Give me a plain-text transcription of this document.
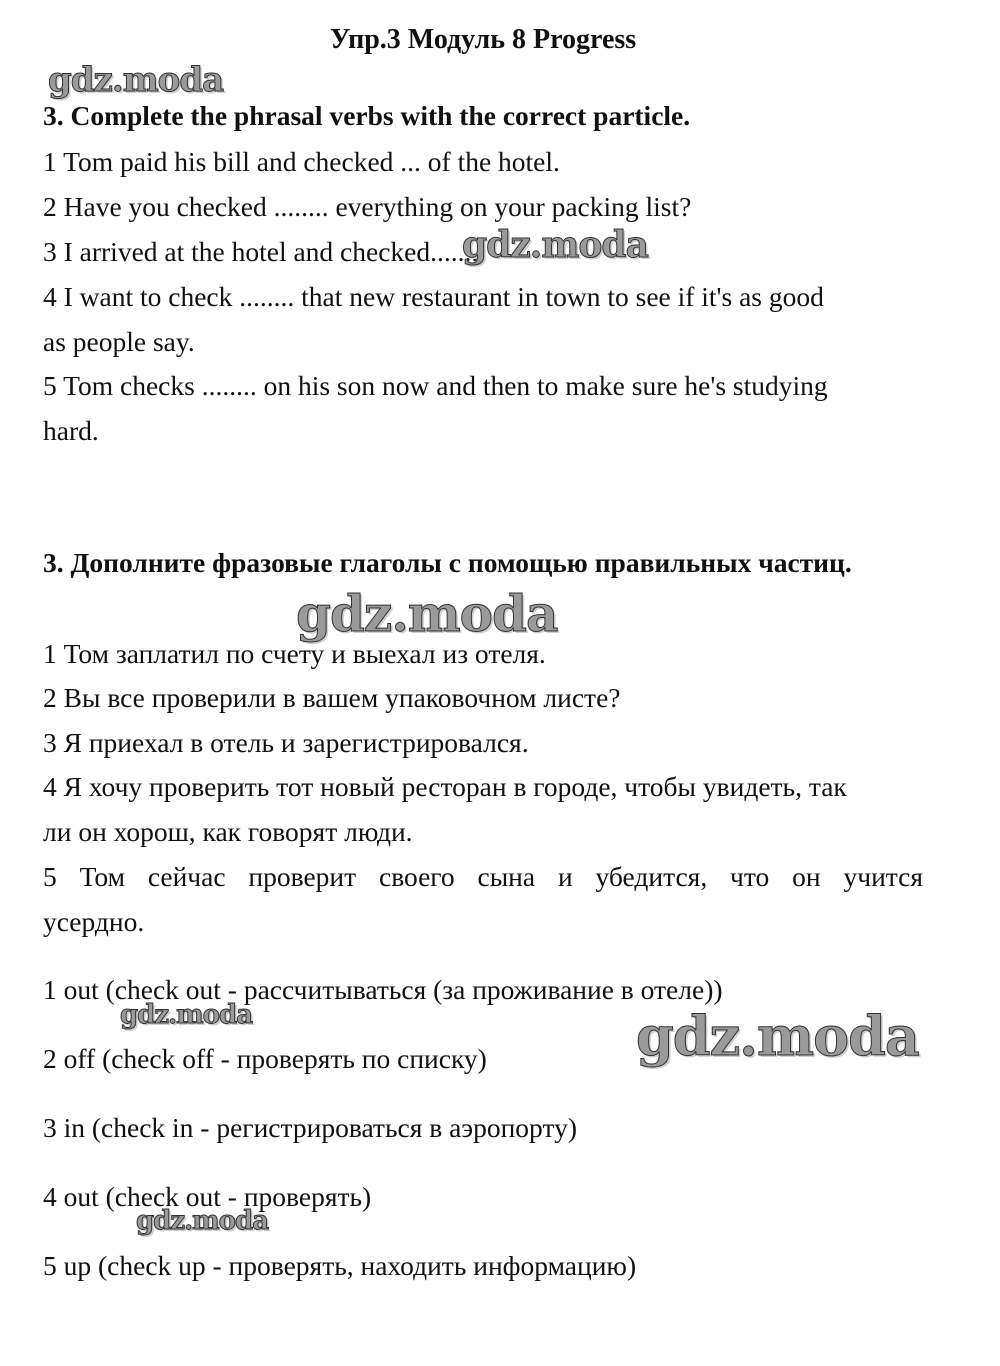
Упр.3 Модуль 8 Progress
3. Complete the phrasal verbs with the correct particle.
1 Tom paid his bill and checked ... of the hotel.
2 Have you checked ........ everything on your packing list?
3 I arrived at the hotel and checked........
4 I want to check ........ that new restaurant in town to see if it's as good
as people say.
5 Tom checks ........ on his son now and then to make sure he's studying
hard.
3. Дополните фразовые глаголы с помощью правильных частиц.
1 Том заплатил по счету и выехал из отеля.
2 Вы все проверили в вашем упаковочном листе?
3 Я приехал в отель и зарегистрировался.
4 Я хочу проверить тот новый ресторан в городе, чтобы увидеть, так
ли он хорош, как говорят люди.
5 Том сейчас проверит своего сына и убедится, что он учится
усердно.
1 out (check out - рассчитываться (за проживание в отеле))
2 off (check off - проверять по списку)
3 in (check in - регистрироваться в аэропорту)
4 out (check out - проверять)
5 up (check up - проверять, находить информацию)
gdz.moda
gdz.moda
gdz.moda
gdz.moda	gdz.moda
gdz.moda
